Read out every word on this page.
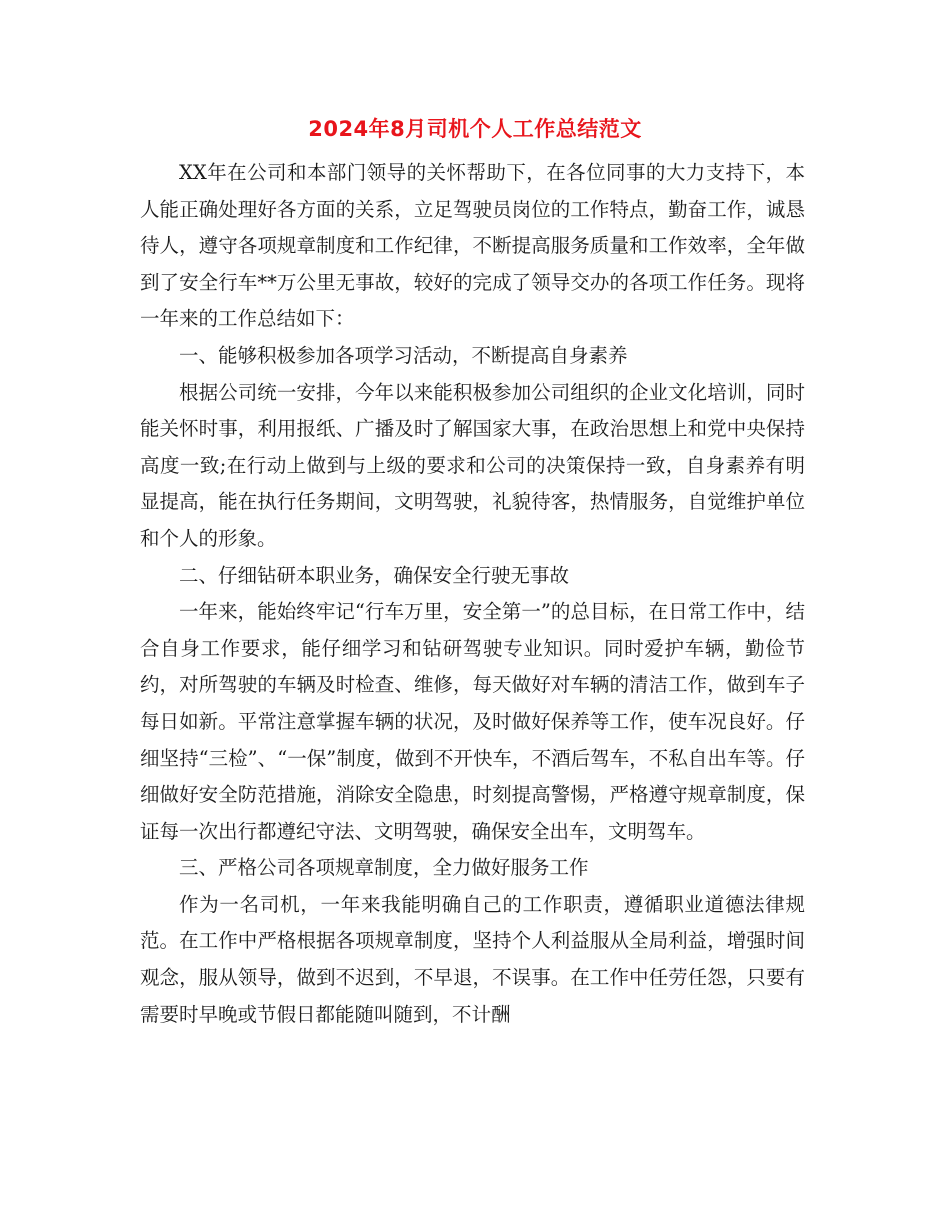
2024年8月司机个人工作总结范文

XX年在公司和本部门领导的关怀帮助下，在各位同事的大力支持下，本人能正确处理好各方面的关系，立足驾驶员岗位的工作特点，勤奋工作，诚恳待人，遵守各项规章制度和工作纪律，不断提高服务质量和工作效率，全年做到了安全行车**万公里无事故，较好的完成了领导交办的各项工作任务。现将一年来的工作总结如下：

一、能够积极参加各项学习活动，不断提高自身素养

根据公司统一安排，今年以来能积极参加公司组织的企业文化培训，同时能关怀时事，利用报纸、广播及时了解国家大事，在政治思想上和党中央保持高度一致;在行动上做到与上级的要求和公司的决策保持一致，自身素养有明显提高，能在执行任务期间，文明驾驶，礼貌待客，热情服务，自觉维护单位和个人的形象。

二、仔细钻研本职业务，确保安全行驶无事故

一年来，能始终牢记“行车万里，安全第一”的总目标，在日常工作中，结合自身工作要求，能仔细学习和钻研驾驶专业知识。同时爱护车辆，勤俭节约，对所驾驶的车辆及时检查、维修，每天做好对车辆的清洁工作，做到车子每日如新。平常注意掌握车辆的状况，及时做好保养等工作，使车况良好。仔细坚持“三检”、“一保”制度，做到不开快车，不酒后驾车，不私自出车等。仔细做好安全防范措施，消除安全隐患，时刻提高警惕，严格遵守规章制度，保证每一次出行都遵纪守法、文明驾驶，确保安全出车，文明驾车。

三、严格公司各项规章制度，全力做好服务工作

作为一名司机，一年来我能明确自己的工作职责，遵循职业道德法律规范。在工作中严格根据各项规章制度，坚持个人利益服从全局利益，增强时间观念，服从领导，做到不迟到，不早退，不误事。在工作中任劳任怨，只要有需要时早晚或节假日都能随叫随到，不计酬
